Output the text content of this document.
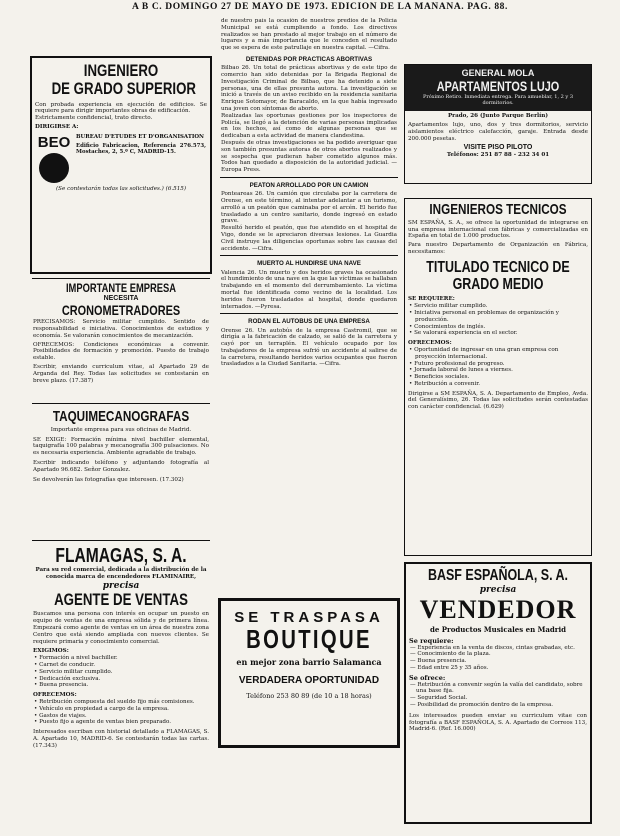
A B C. DOMINGO 27 DE MAYO DE 1973. EDICION DE LA MAÑANA. PAG. 88.
INGENIERO
DE GRADO SUPERIOR
Con probada experiencia en ejecución de edificios. Se requiere para dirigir importantes obras de edificación.
Estrictamente confidencial, trato directo.
DIRIGIRSE A:
BEO	BUREAU D'ETUDES ET D'ORGANISATION
Edificio Fabricacion, Referencia 276.573, Mostaches, 2, 5.º C, MADRID-15.
(Se contestarán todas las solicitudes.) (6.515)
IMPORTANTE EMPRESA
NECESITA
CRONOMETRADORES
PRECISAMOS: Servicio militar cumplido. Sentido de responsabilidad e iniciativa. Conocimientos de estudios y economía. Se valorarán conocimientos de mecanización.
OFRECEMOS: Condiciones económicas a convenir. Posibilidades de formación y promoción. Puesto de trabajo estable.
Escribir, enviando curriculum vitae, al Apartado 29 de Arganda del Rey. Todas las solicitudes se contestarán en breve plazo. (17.387)
TAQUIMECANOGRAFAS
Importante empresa para sus oficinas de Madrid.
SE EXIGE: Formación mínima nivel bachiller elemental, taquigrafía 100 palabras y mecanografía 300 pulsaciones. No es necesaria experiencia. Ambiente agradable de trabajo.
Escribir indicando teléfono y adjuntando fotografía al Apartado 96.682. Señor Gonzalez.
Se devolverán las fotografías que interesen. (17.302)
FLAMAGAS, S. A.
Para su red comercial, dedicada a la distribución de la conocida marca de encendedores FLAMINAIRE,
precisa
AGENTE DE VENTAS
Buscamos una persona con interés en ocupar un puesto en equipo de ventas de una empresa sólida y de primera línea. Empezará como agente de ventas en un área de nuestra zona Centro que está siendo ampliada con nuevos clientes. Se requiere primaria y conocimiento comercial.
EXIGIMOS:
• Formación a nivel bachiller.
• Carnet de conducir.
• Servicio militar cumplido.
• Dedicación exclusiva.
• Buena presencia.
OFRECEMOS:
• Retribución compuesta del sueldo fijo más comisiones.
• Vehículo en propiedad a cargo de la empresa.
• Gastos de viajes.
• Puesto fijo a agente de ventas bien preparado.
Interesados escriban con historial detallado a FLAMAGAS, S. A. Apartado 10, MADRID-6. Se contestarán todas las cartas. (17.343)
de nuestro país la ocasión de nuestros predios de la Policía Municipal se está cumpliendo a fondo. Los directivos realizados se han prestado al mejor trabajo en el número de lugares y a más importancia que le conceden el resultado que se espera de este patrullaje en nuestra capital. —Cifra.
DETENIDAS POR PRACTICAS ABORTIVAS
Bilbao 26. Un total de prácticas abortivas y de este tipo de comercio han sido detenidas por la Brigada Regional de Investigación Criminal de Bilbao, que ha detenido a siete personas, una de ellas presunta autora. La investigación se inició a través de un aviso recibido en la residencia sanitaria Enrique Sotomayor, de Baracaldo, en la que había ingresado una joven con síntomas de aborto.
Realizadas las oportunas gestiones por los inspectores de Policía, se llegó a la detención de varias personas implicadas en los hechos, así como de algunas personas que se dedicaban a esta actividad de manera clandestina.
Después de otras investigaciones se ha podido averiguar que son también presuntas autoras de otros abortos realizados y se sospecha que pudieran haber cometido algunos más. Todos han quedado a disposición de la autoridad judicial. —Europa Press.
PEATON ARROLLADO POR UN CAMION
Ponteareas 26. Un camión que circulaba por la carretera de Orense, en este término, al intentar adelantar a un turismo, arrolló a un peatón que caminaba por el arcén. El herido fue trasladado a un centro sanitario, donde ingresó en estado grave.
Resultó herido el peatón, que fue atendido en el hospital de Vigo, donde se le apreciaron diversas lesiones. La Guardia Civil instruye las diligencias oportunas sobre las causas del accidente. —Cifra.
MUERTO AL HUNDIRSE UNA NAVE
Valencia 26. Un muerto y dos heridos graves ha ocasionado el hundimiento de una nave en la que las víctimas se hallaban trabajando en el momento del derrumbamiento. La víctima mortal fue identificada como vecino de la localidad. Los heridos fueron trasladados al hospital, donde quedaron internados. —Pyresa.
RODAN EL AUTOBUS DE UNA EMPRESA
Orense 26. Un autobús de la empresa Castromil, que se dirigía a la fabricación de calzado, se salió de la carretera y cayó por un terraplén. El vehículo ocupado por los trabajadores de la empresa sufrió un accidente al salirse de la carretera, resultando heridos varios ocupantes que fueron trasladados a la Ciudad Sanitaria. —Cifra.
SE TRASPASA
BOUTIQUE
en mejor zona barrio Salamanca
VERDADERA OPORTUNIDAD
Teléfono 253 80 89 (de 10 a 18 horas)
GENERAL MOLA
APARTAMENTOS LUJO
Próximo Retiro. Inmediata entrega. Para amueblar, 1, 2 y 3 dormitorios.
Prado, 26 (Junto Parque Berlín)
Apartamentos lujo, uno, dos y tres dormitorios, servicio aislamientos eléctrico calefacción, garaje. Entrada desde 200.000 pesetas.
VISITE PISO PILOTO
Teléfonos: 251 87 88 - 232 34 01
INGENIEROS TECNICOS
SM ESPAÑA, S. A., se ofrece la oportunidad de integrarse en una empresa internacional con fábricas y comercializadas en España en total de 1.000 productos.
Para nuestro Departamento de Organización en Fábrica, necesitamos:
TITULADO TECNICO DE GRADO MEDIO
SE REQUIERE:
• Servicio militar cumplido.
• Iniciativa personal en problemas de organización y producción.
• Conocimientos de inglés.
• Se valorará experiencia en el sector.
OFRECEMOS:
• Oportunidad de ingresar en una gran empresa con proyección internacional.
• Futuro profesional de progreso.
• Jornada laboral de lunes a viernes.
• Beneficios sociales.
• Retribución a convenir.
Dirigirse a SM ESPAÑA, S. A. Departamento de Empleo, Avda. del Generalísimo, 26. Todas las solicitudes serán contestadas con carácter confidencial. (6.629)
BASF ESPAÑOLA, S. A.
precisa
VENDEDOR
de Productos Musicales en Madrid
Se requiere:
— Experiencia en la venta de discos, cintas grabadas, etc.
— Conocimiento de la plaza.
— Buena presencia.
— Edad entre 25 y 35 años.
Se ofrece:
— Retribución a convenir según la valía del candidato, sobre una base fija.
— Seguridad Social.
— Posibilidad de promoción dentro de la empresa.
Los interesados pueden enviar su curriculum vitae con fotografía a BASF ESPAÑOLA, S. A. Apartado de Correos 113, Madrid-6. (Ref. 16.000)
